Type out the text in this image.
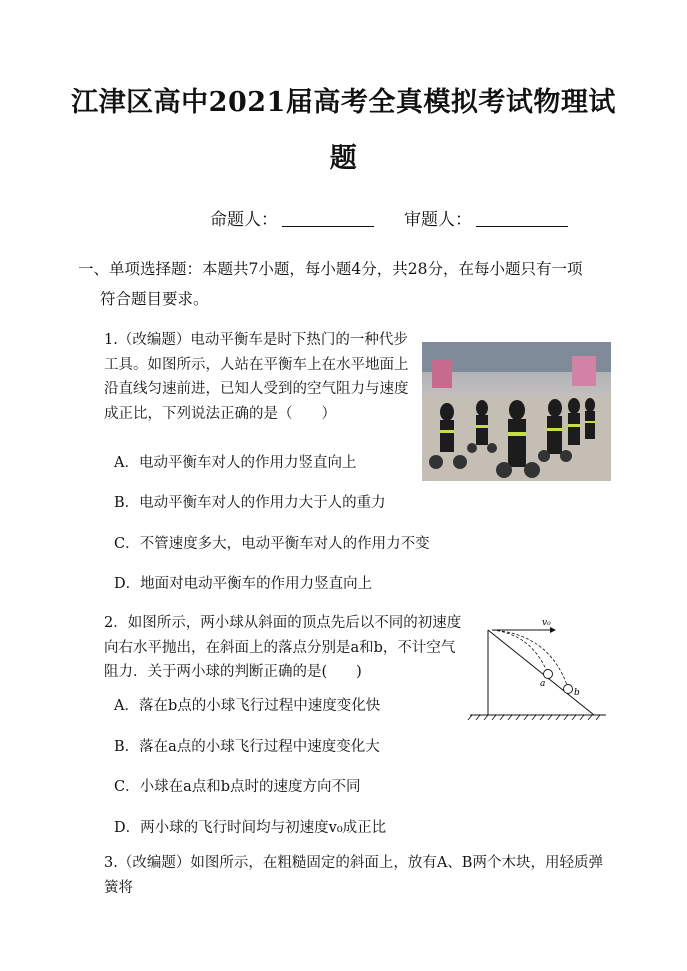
江津区高中2021届高考全真模拟考试物理试
题
命题人：	审题人：
一、单项选择题：本题共7小题，每小题4分，共28分，在每小题只有一项
符合题目要求。
1.（改编题）电动平衡车是时下热门的一种代步工具。如图所示，人站在平衡车上在水平地面上沿直线匀速前进，已知人受到的空气阻力与速度成正比，下列说法正确的是（　　）
A．电动平衡车对人的作用力竖直向上
B．电动平衡车对人的作用力大于人的重力
C．不管速度多大，电动平衡车对人的作用力不变
D．地面对电动平衡车的作用力竖直向上
2．如图所示，两小球从斜面的顶点先后以不同的初速度向右水平抛出，在斜面上的落点分别是a和b，不计空气阻力．关于两小球的判断正确的是(　　)
v₀
a
b
A．落在b点的小球飞行过程中速度变化快
B．落在a点的小球飞行过程中速度变化大
C．小球在a点和b点时的速度方向不同
D．两小球的飞行时间均与初速度v₀成正比
3.（改编题）如图所示，在粗糙固定的斜面上，放有A、B两个木块，用轻质弹簧将
